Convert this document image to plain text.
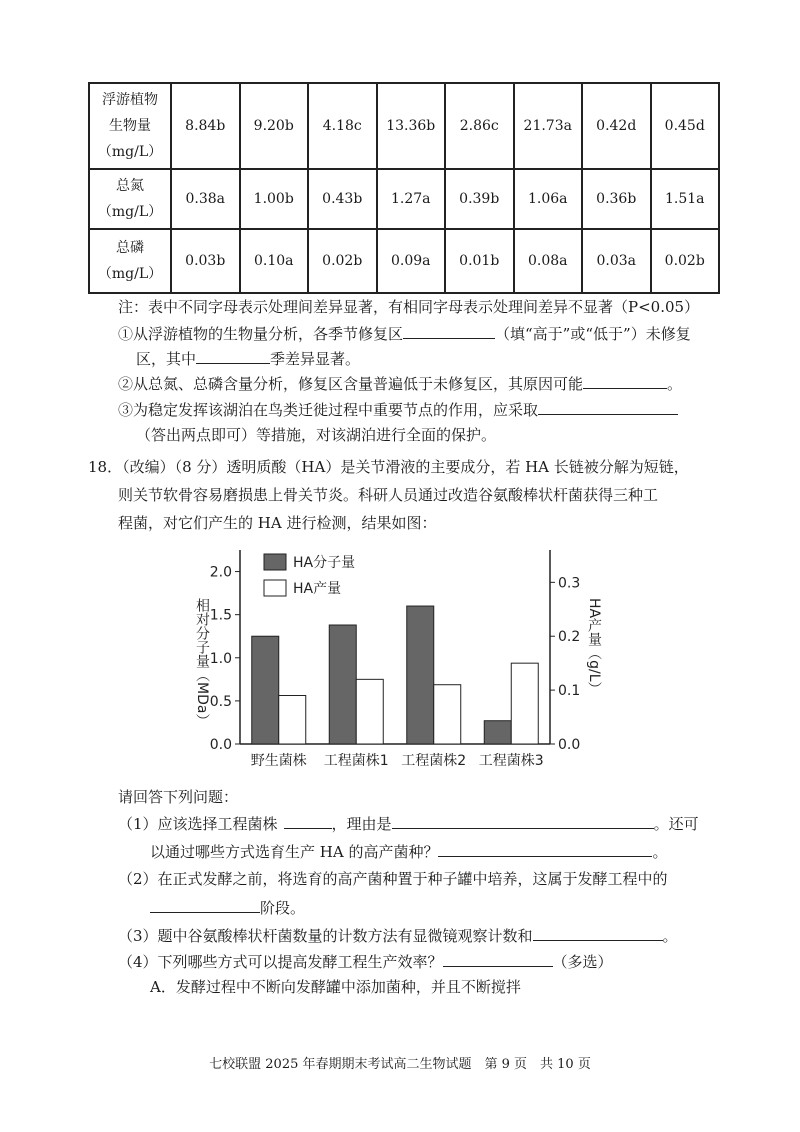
浮游植物
生物量
（mg/L）	8.84b	9.20b	4.18c	13.36b	2.86c	21.73a	0.42d	0.45d

总氮
（mg/L）	0.38a	1.00b	0.43b	1.27a	0.39b	1.06a	0.36b	1.51a

总磷
（mg/L）	0.03b	0.10a	0.02b	0.09a	0.01b	0.08a	0.03a	0.02b
注：表中不同字母表示处理间差异显著，有相同字母表示处理间差异不显著（P<0.05）
①从浮游植物的生物量分析，各季节修复区	（填“高于”或“低于”）未修复
区，其中	季差异显著。
②从总氮、总磷含量分析，修复区含量普遍低于未修复区，其原因可能	。
③为稳定发挥该湖泊在鸟类迁徙过程中重要节点的作用，应采取
（答出两点即可）等措施，对该湖泊进行全面的保护。
18．（改编）（8 分）透明质酸（HA）是关节滑液的主要成分，若 HA 长链被分解为短链，
则关节软骨容易磨损患上骨关节炎。科研人员通过改造谷氨酸棒状杆菌获得三种工
程菌，对它们产生的 HA 进行检测，结果如图：
0.0
0.5
1.0
1.5
2.0
0.0
0.1
0.2
0.3
相对分子量（MDa）	HA产量（g/L）
野生菌株 工程菌株1 工程菌株2 工程菌株3
HA分子量
HA产量
请回答下列问题：
（1）应该选择工程菌株	，理由是	。还可
以通过哪些方式选育生产 HA 的高产菌种？	。
（2）在正式发酵之前，将选育的高产菌种置于种子罐中培养，这属于发酵工程中的
阶段。
（3）题中谷氨酸棒状杆菌数量的计数方法有显微镜观察计数和	。
（4）下列哪些方式可以提高发酵工程生产效率？	（多选）
A．发酵过程中不断向发酵罐中添加菌种，并且不断搅拌
七校联盟 2025 年春期期末考试高二生物试题　第 9 页　共 10 页
